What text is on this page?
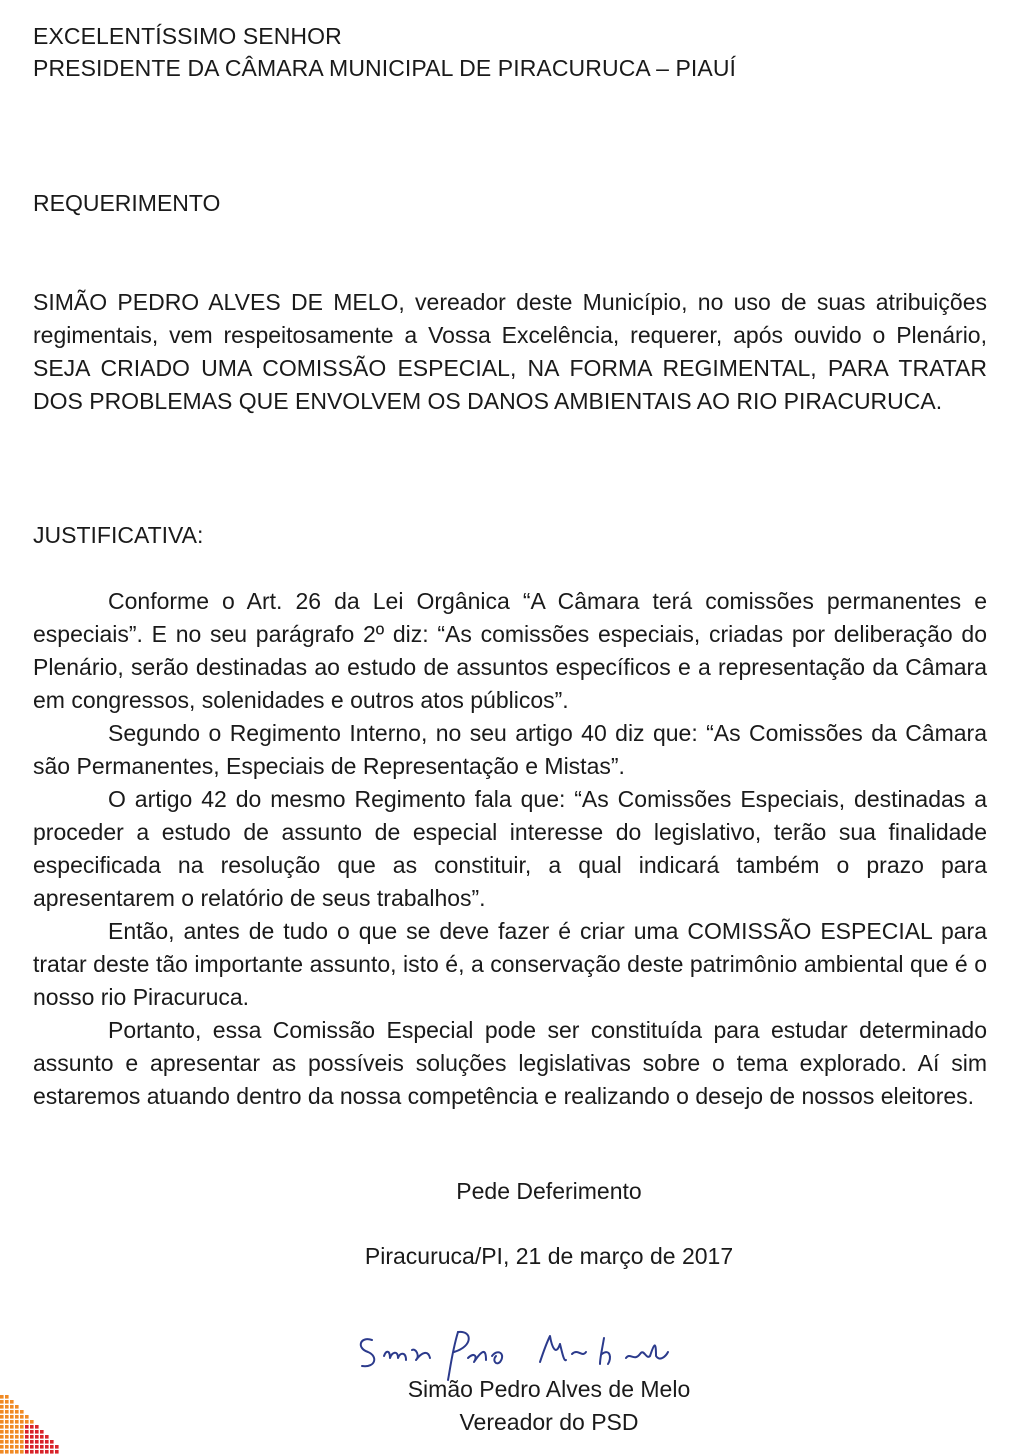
EXCELENTÍSSIMO SENHOR
PRESIDENTE DA CÂMARA MUNICIPAL DE PIRACURUCA – PIAUÍ
REQUERIMENTO

SIMÃO PEDRO ALVES DE MELO, vereador deste Município, no uso de suas atribuições regimentais, vem respeitosamente a Vossa Excelência, requerer, após ouvido o Plenário, SEJA CRIADO UMA COMISSÃO ESPECIAL, NA FORMA REGIMENTAL, PARA TRATAR DOS PROBLEMAS QUE ENVOLVEM OS DANOS AMBIENTAIS AO RIO PIRACURUCA.

JUSTIFICATIVA:

Conforme o Art. 26 da Lei Orgânica “A Câmara terá comissões permanentes e especiais”. E no seu parágrafo 2º diz: “As comissões especiais, criadas por deliberação do Plenário, serão destinadas ao estudo de assuntos específicos e a representação da Câmara em congressos, solenidades e outros atos públicos”.

Segundo o Regimento Interno, no seu artigo 40 diz que: “As Comissões da Câmara são Permanentes, Especiais de Representação e Mistas”.

O artigo 42 do mesmo Regimento fala que: “As Comissões Especiais, destinadas a proceder a estudo de assunto de especial interesse do legislativo, terão sua finalidade especificada na resolução que as constituir, a qual indicará também o prazo para apresentarem o relatório de seus trabalhos”.

Então, antes de tudo o que se deve fazer é criar uma COMISSÃO ESPECIAL para tratar deste tão importante assunto, isto é, a conservação deste patrimônio ambiental que é o nosso rio Piracuruca.

Portanto, essa Comissão Especial pode ser constituída para estudar determinado assunto e apresentar as possíveis soluções legislativas sobre o tema explorado. Aí sim estaremos atuando dentro da nossa competência e realizando o desejo de nossos eleitores.

Pede Deferimento
Piracuruca/PI, 21 de março de 2017
Simão Pedro Alves de Melo
Simão Pedro Alves de Melo
Vereador do PSD
